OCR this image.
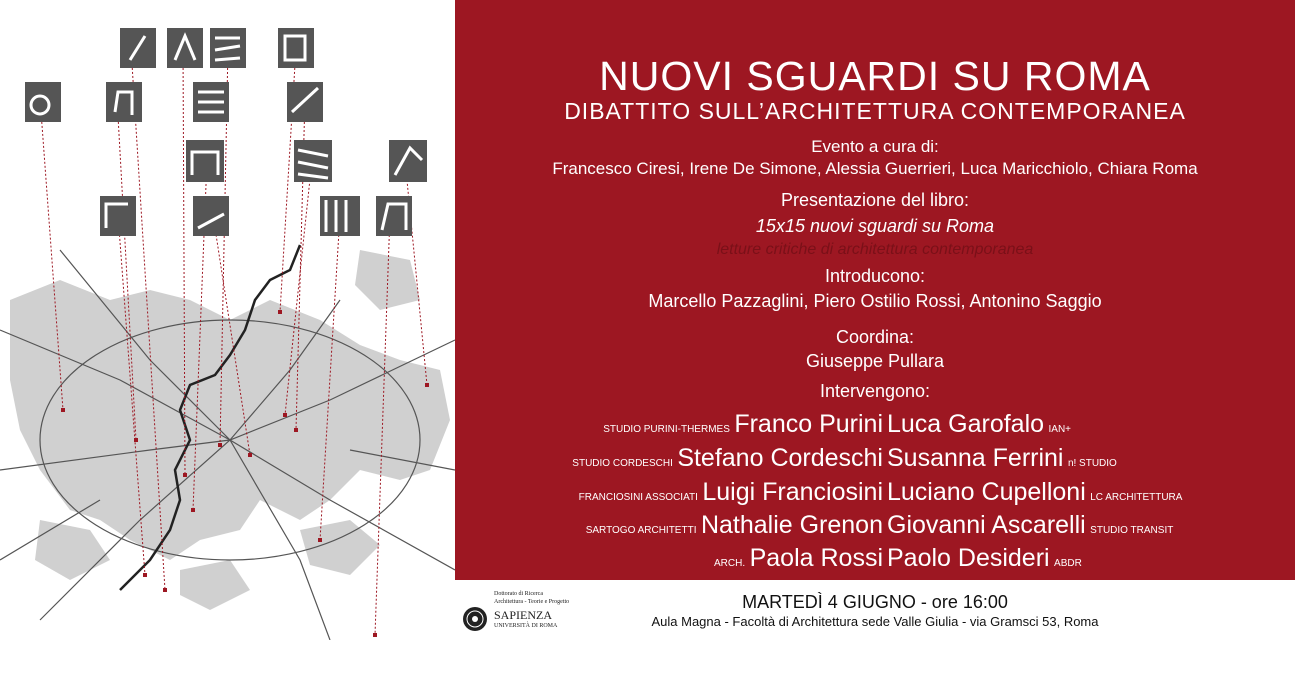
NUOVI SGUARDI SU ROMA
DIBATTITO SULL’ARCHITETTURA CONTEMPORANEA
Evento a cura di:
Francesco Ciresi, Irene De Simone, Alessia Guerrieri, Luca Maricchiolo, Chiara Roma
Presentazione del libro:
15x15 nuovi sguardi su Roma
letture critiche di architettura contemporanea
Introducono:
Marcello Pazzaglini, Piero Ostilio Rossi, Antonino Saggio
Coordina:
Giuseppe Pullara
Intervengono:
STUDIO PURINI-THERMES Franco Purini Luca Garofalo IAN+
STUDIO CORDESCHI Stefano Cordeschi Susanna Ferrini n! STUDIO
FRANCIOSINI ASSOCIATI Luigi Franciosini Luciano Cupelloni LC ARCHITETTURA
SARTOGO ARCHITETTI Nathalie Grenon Giovanni Ascarelli STUDIO TRANSIT
ARCH. Paola Rossi Paolo Desideri ABDR
MARTEDÌ 4 GIUGNO - ore 16:00
Aula Magna - Facoltà di Architettura sede Valle Giulia - via Gramsci 53, Roma
Dottorato di Ricerca
Architettura - Teorie e Progetto
SAPIENZA
UNIVERSITÀ DI ROMA
